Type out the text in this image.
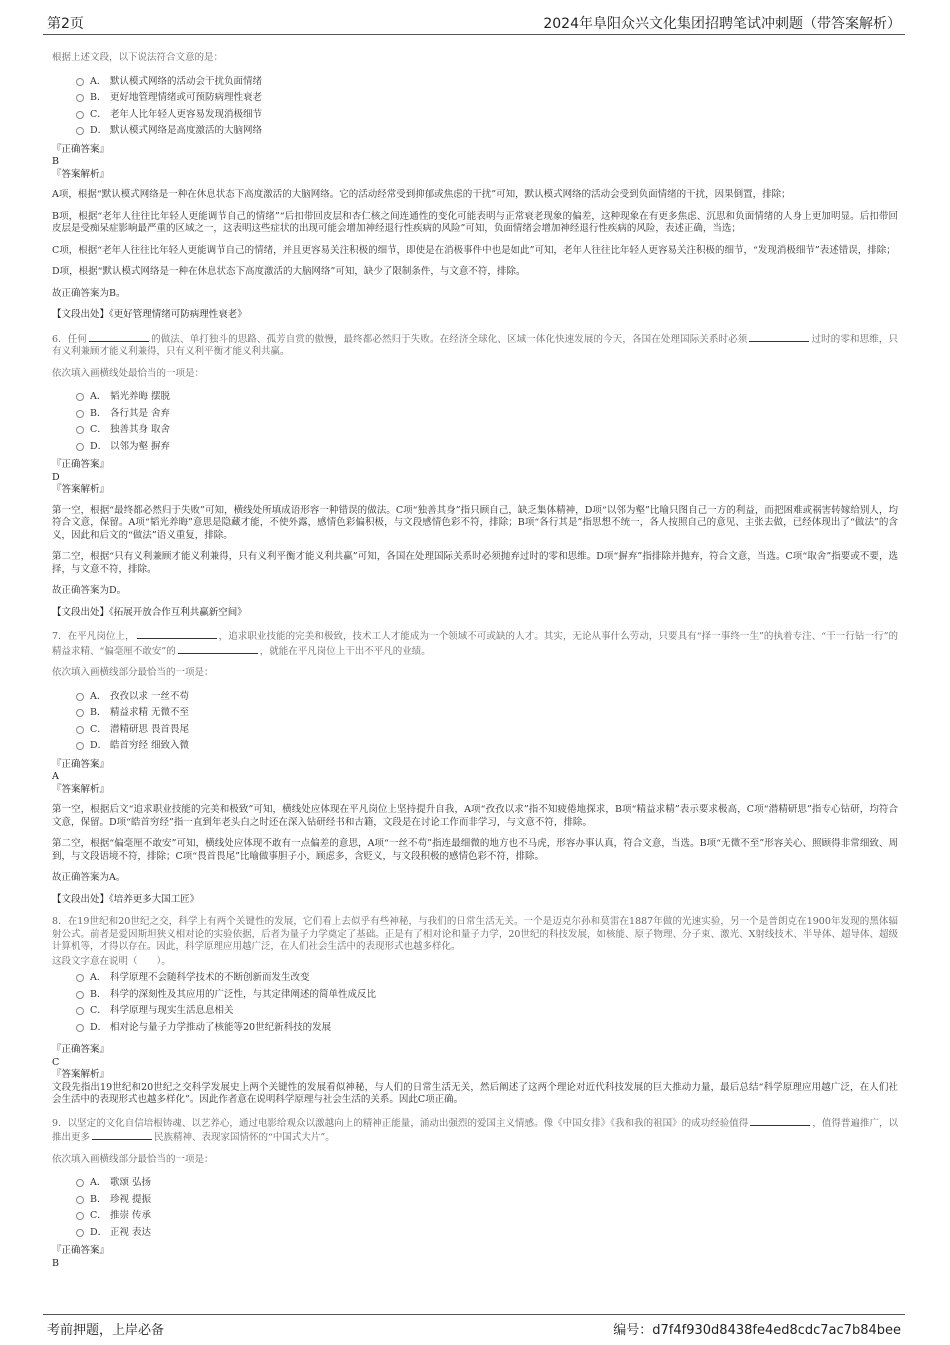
第2页	2024年阜阳众兴文化集团招聘笔试冲刺题（带答案解析）
根据上述文段，以下说法符合文意的是：
A． 默认模式网络的活动会干扰负面情绪
B． 更好地管理情绪或可预防病理性衰老
C． 老年人比年轻人更容易发现消极细节
D． 默认模式网络是高度激活的大脑网络
『正确答案』
B
『答案解析』

A项，根据“默认模式网络是一种在休息状态下高度激活的大脑网络。它的活动经常受到抑郁或焦虑的干扰”可知，默认模式网络的活动会受到负面情绪的干扰，因果倒置，排除；

B项，根据“老年人往往比年轻人更能调节自己的情绪”“后扣带回皮层和杏仁核之间连通性的变化可能表明与正常衰老现象的偏差，这种现象在有更多焦虑、沉思和负面情绪的人身上更加明显。后扣带回皮层是受痴呆症影响最严重的区域之一，这表明这些症状的出现可能会增加神经退行性疾病的风险”可知，负面情绪会增加神经退行性疾病的风险，表述正确，当选；

C项，根据“老年人往往比年轻人更能调节自己的情绪，并且更容易关注积极的细节，即使是在消极事件中也是如此”可知，老年人往往比年轻人更容易关注积极的细节，“发现消极细节”表述错误，排除；

D项，根据“默认模式网络是一种在休息状态下高度激活的大脑网络”可知，缺少了限制条件，与文意不符，排除。

故正确答案为B。

【文段出处】《更好管理情绪可防病理性衰老》

6．任何	的做法、单打独斗的思路、孤芳自赏的傲慢，最终都必然归于失败。在经济全球化、区域一体化快速发展的今天，各国在处理国际关系时必须	过时的零和思维，只有义利兼顾才能义利兼得，只有义利平衡才能义利共赢。

依次填入画横线处最恰当的一项是：
A． 韬光养晦 摆脱
B． 各行其是 舍弃
C． 独善其身 取舍
D． 以邻为壑 摒弃
『正确答案』
D
『答案解析』

第一空，根据“最终都必然归于失败”可知，横线处所填成语形容一种错误的做法。C项“独善其身”指只顾自己，缺乏集体精神，D项“以邻为壑”比喻只图自己一方的利益，而把困难或祸害转嫁给别人，均符合文意，保留。A项“韬光养晦”意思是隐藏才能，不使外露，感情色彩偏积极，与文段感情色彩不符，排除；B项“各行其是”指思想不统一，各人按照自己的意见、主张去做，已经体现出了“做法”的含义，因此和后文的“做法”语义重复，排除。

第二空，根据“只有义利兼顾才能义利兼得，只有义利平衡才能义利共赢”可知，各国在处理国际关系时必须抛弃过时的零和思维。D项“摒弃”指排除并抛弃，符合文意，当选。C项“取舍”指要或不要，选择，与文意不符，排除。

故正确答案为D。

【文段出处】《拓展开放合作互利共赢新空间》

7．在平凡岗位上，	，追求职业技能的完美和极致，技术工人才能成为一个领域不可或缺的人才。其实，无论从事什么劳动，只要具有“择一事终一生”的执着专注、“干一行钻一行”的精益求精、“偏毫厘不敢安”的	，就能在平凡岗位上干出不平凡的业绩。

依次填入画横线部分最恰当的一项是：
A． 孜孜以求 一丝不苟
B． 精益求精 无微不至
C． 潜精研思 畏首畏尾
D． 皓首穷经 细致入微
『正确答案』
A
『答案解析』

第一空，根据后文“追求职业技能的完美和极致”可知，横线处应体现在平凡岗位上坚持提升自我，A项“孜孜以求”指不知疲倦地探求，B项“精益求精”表示要求极高，C项“潜精研思”指专心钻研，均符合文意，保留。D项“皓首穷经”指一直到年老头白之时还在深入钻研经书和古籍，文段是在讨论工作而非学习，与文意不符，排除。

第二空，根据“偏毫厘不敢安”可知，横线处应体现不敢有一点偏差的意思，A项“一丝不苟”指连最细微的地方也不马虎，形容办事认真，符合文意，当选。B项“无微不至”形容关心、照顾得非常细致、周到，与文段语境不符，排除；C项“畏首畏尾”比喻做事胆子小，顾虑多，含贬义，与文段积极的感情色彩不符，排除。

故正确答案为A。

【文段出处】《培养更多大国工匠》

8．在19世纪和20世纪之交，科学上有两个关键性的发展，它们看上去似乎有些神秘，与我们的日常生活无关。一个是迈克尔孙和莫雷在1887年做的光速实验，另一个是普朗克在1900年发现的黑体辐射公式。前者是爱因斯坦狭义相对论的实验依据，后者为量子力学奠定了基础。正是有了相对论和量子力学，20世纪的科技发展，如核能、原子物理、分子束、激光、X射线技术、半导体、超导体、超级计算机等，才得以存在。因此，科学原理应用越广泛，在人们社会生活中的表现形式也越多样化。

这段文字意在说明（　　）。
A． 科学原理不会随科学技术的不断创新而发生改变
B． 科学的深刻性及其应用的广泛性，与其定律阐述的简单性成反比
C． 科学原理与现实生活息息相关
D． 相对论与量子力学推动了核能等20世纪新科技的发展
『正确答案』
C
『答案解析』

文段先指出19世纪和20世纪之交科学发展史上两个关键性的发展看似神秘，与人们的日常生活无关，然后阐述了这两个理论对近代科技发展的巨大推动力量，最后总结“科学原理应用越广泛，在人们社会生活中的表现形式也越多样化”。因此作者意在说明科学原理与社会生活的关系。因此C项正确。

9．以坚定的文化自信培根铸魂、以艺养心，通过电影给观众以激越向上的精神正能量，涌动出强烈的爱国主义情感。像《中国女排》《我和我的祖国》的成功经验值得	，值得普遍推广，以推出更多	民族精神、表现家国情怀的“中国式大片”。

依次填入画横线部分最恰当的一项是：
A． 歌颂 弘扬
B． 珍视 提振
C． 推崇 传承
D． 正视 表达
『正确答案』
B
考前押题，上岸必备	编号：d7f4f930d8438fe4ed8cdc7ac7b84bee
